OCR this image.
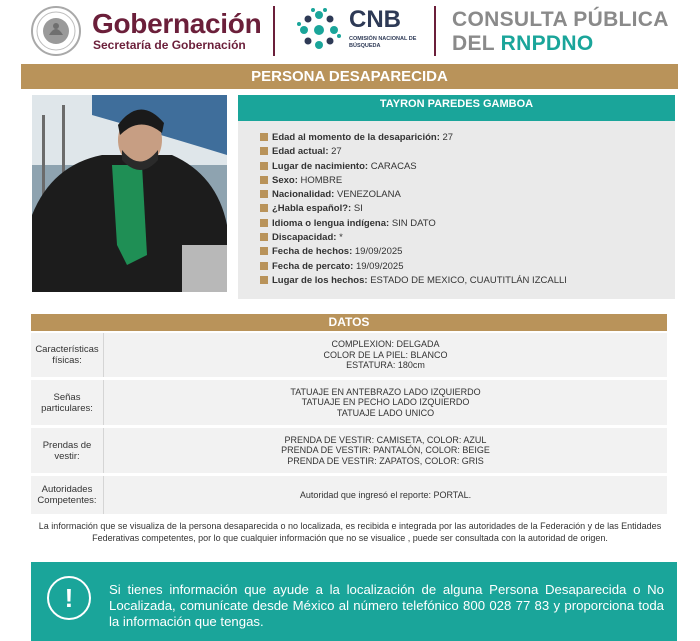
Gobernación
Secretaría de Gobernación
CNB
COMISIÓN NACIONAL DE BÚSQUEDA
CONSULTA PÚBLICA
DEL RNPDNO
PERSONA DESAPARECIDA
TAYRON PAREDES GAMBOA
Edad al momento de la desaparición: 27
Edad actual: 27
Lugar de nacimiento: CARACAS
Sexo: HOMBRE
Nacionalidad: VENEZOLANA
¿Habla español?: SI
Idioma o lengua indígena: SIN DATO
Discapacidad: *
Fecha de hechos: 19/09/2025
Fecha de percato: 19/09/2025
Lugar de los hechos: ESTADO DE MEXICO, CUAUTITLÁN IZCALLI
DATOS
Características físicas:
COMPLEXION: DELGADA
COLOR DE LA PIEL: BLANCO
ESTATURA: 180cm
Señas particulares:
TATUAJE EN ANTEBRAZO LADO IZQUIERDO
TATUAJE EN PECHO LADO IZQUIERDO
TATUAJE LADO UNICO
Prendas de vestir:
PRENDA DE VESTIR: CAMISETA, COLOR: AZUL
PRENDA DE VESTIR: PANTALÓN, COLOR: BEIGE
PRENDA DE VESTIR: ZAPATOS, COLOR: GRIS
Autoridades Competentes:
Autoridad que ingresó el reporte: PORTAL.
La información que se visualiza de la persona desaparecida o no localizada, es recibida e integrada por las autoridades de la Federación y de las Entidades Federativas competentes, por lo que cualquier información que no se visualice , puede ser consultada con la autoridad de origen.
!	Si tienes información que ayude a la localización de alguna Persona Desaparecida o No Localizada, comunícate desde México al número telefónico 800 028 77 83 y proporciona toda la información que tengas.
